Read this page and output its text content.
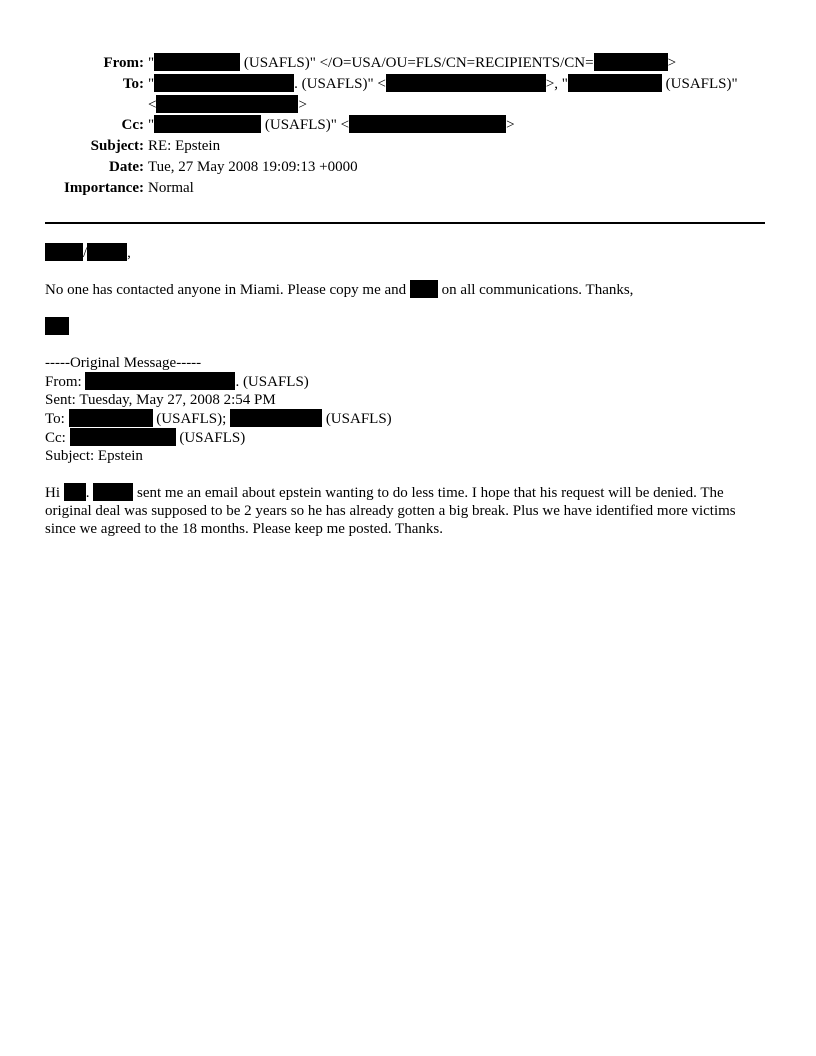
From: "	(USAFLS)" </O=USA/OU=FLS/CN=RECIPIENTS/CN=	>
To: "	. (USAFLS)" <	>, "	(USAFLS)"
<	>
Cc: "	(USAFLS)" <	>
Subject: RE: Epstein
Date: Tue, 27 May 2008 19:09:13 +0000
Importance: Normal
/	,
No one has contacted anyone in Miami. Please copy me and  on all communications. Thanks,
-----Original Message-----
From:	. (USAFLS)
Sent: Tuesday, May 27, 2008 2:54 PM
To:	(USAFLS);	(USAFLS)
Cc:	(USAFLS)
Subject: Epstein

Hi .	sent me an email about epstein wanting to do less time. I hope that his request will be denied. The original deal was supposed to be 2 years so he has already gotten a big break. Plus we have identified more victims since we agreed to the 18 months. Please keep me posted. Thanks.
